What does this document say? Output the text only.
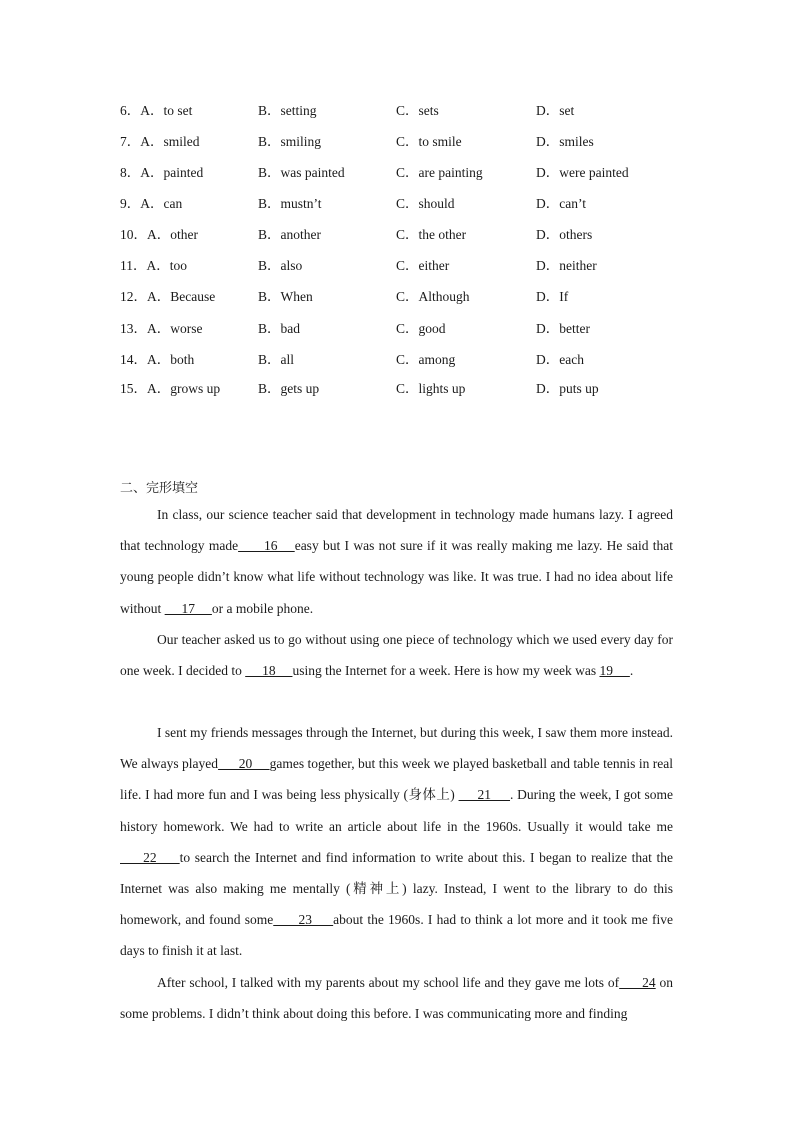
6．A．to set	B．setting	C．sets	D．set
7．A．smiled	B．smiling	C．to smile	D．smiles
8．A．painted	B．was painted	C．are painting	D．were painted
9．A．can	B．mustn’t	C．should	D．can’t
10．A．other	B．another	C．the other	D．others
11．A．too	B．also	C．either	D．neither
12．A．Because	B．When	C．Although	D．If
13．A．worse	B．bad	C．good	D．better
14．A．both	B．all	C．among	D．each
15．A．grows up	B．gets up	C．lights up	D．puts up
二、完形填空
In class, our science teacher said that development in technology made humans lazy. I agreed that technology made      16    easy but I was not sure if it was really making me lazy. He said that young people didn’t know what life without technology was like. It was true. I had no idea about life without      17     or a mobile phone.
Our teacher asked us to go without using one piece of technology which we used every day for one week. I decided to      18     using the Internet for a week. Here is how my week was 19     .
I sent my friends messages through the Internet, but during this week, I saw them more instead. We always played      20     games together, but this week we played basketball and table tennis in real life. I had more fun and I was being less physically (身体上)      21     . During the week, I got some history homework. We had to write an article about life in the 1960s. Usually it would take me      22     to search the Internet and find information to write about this. I began to realize that the Internet was also making me mentally (精神上) lazy. Instead, I went to the library to do this homework, and found some      23     about the 1960s. I had to think a lot more and it took me five days to finish it at last.
After school, I talked with my parents about my school life and they gave me lots of      24 on some problems. I didn’t think about doing this before. I was communicating more and finding
